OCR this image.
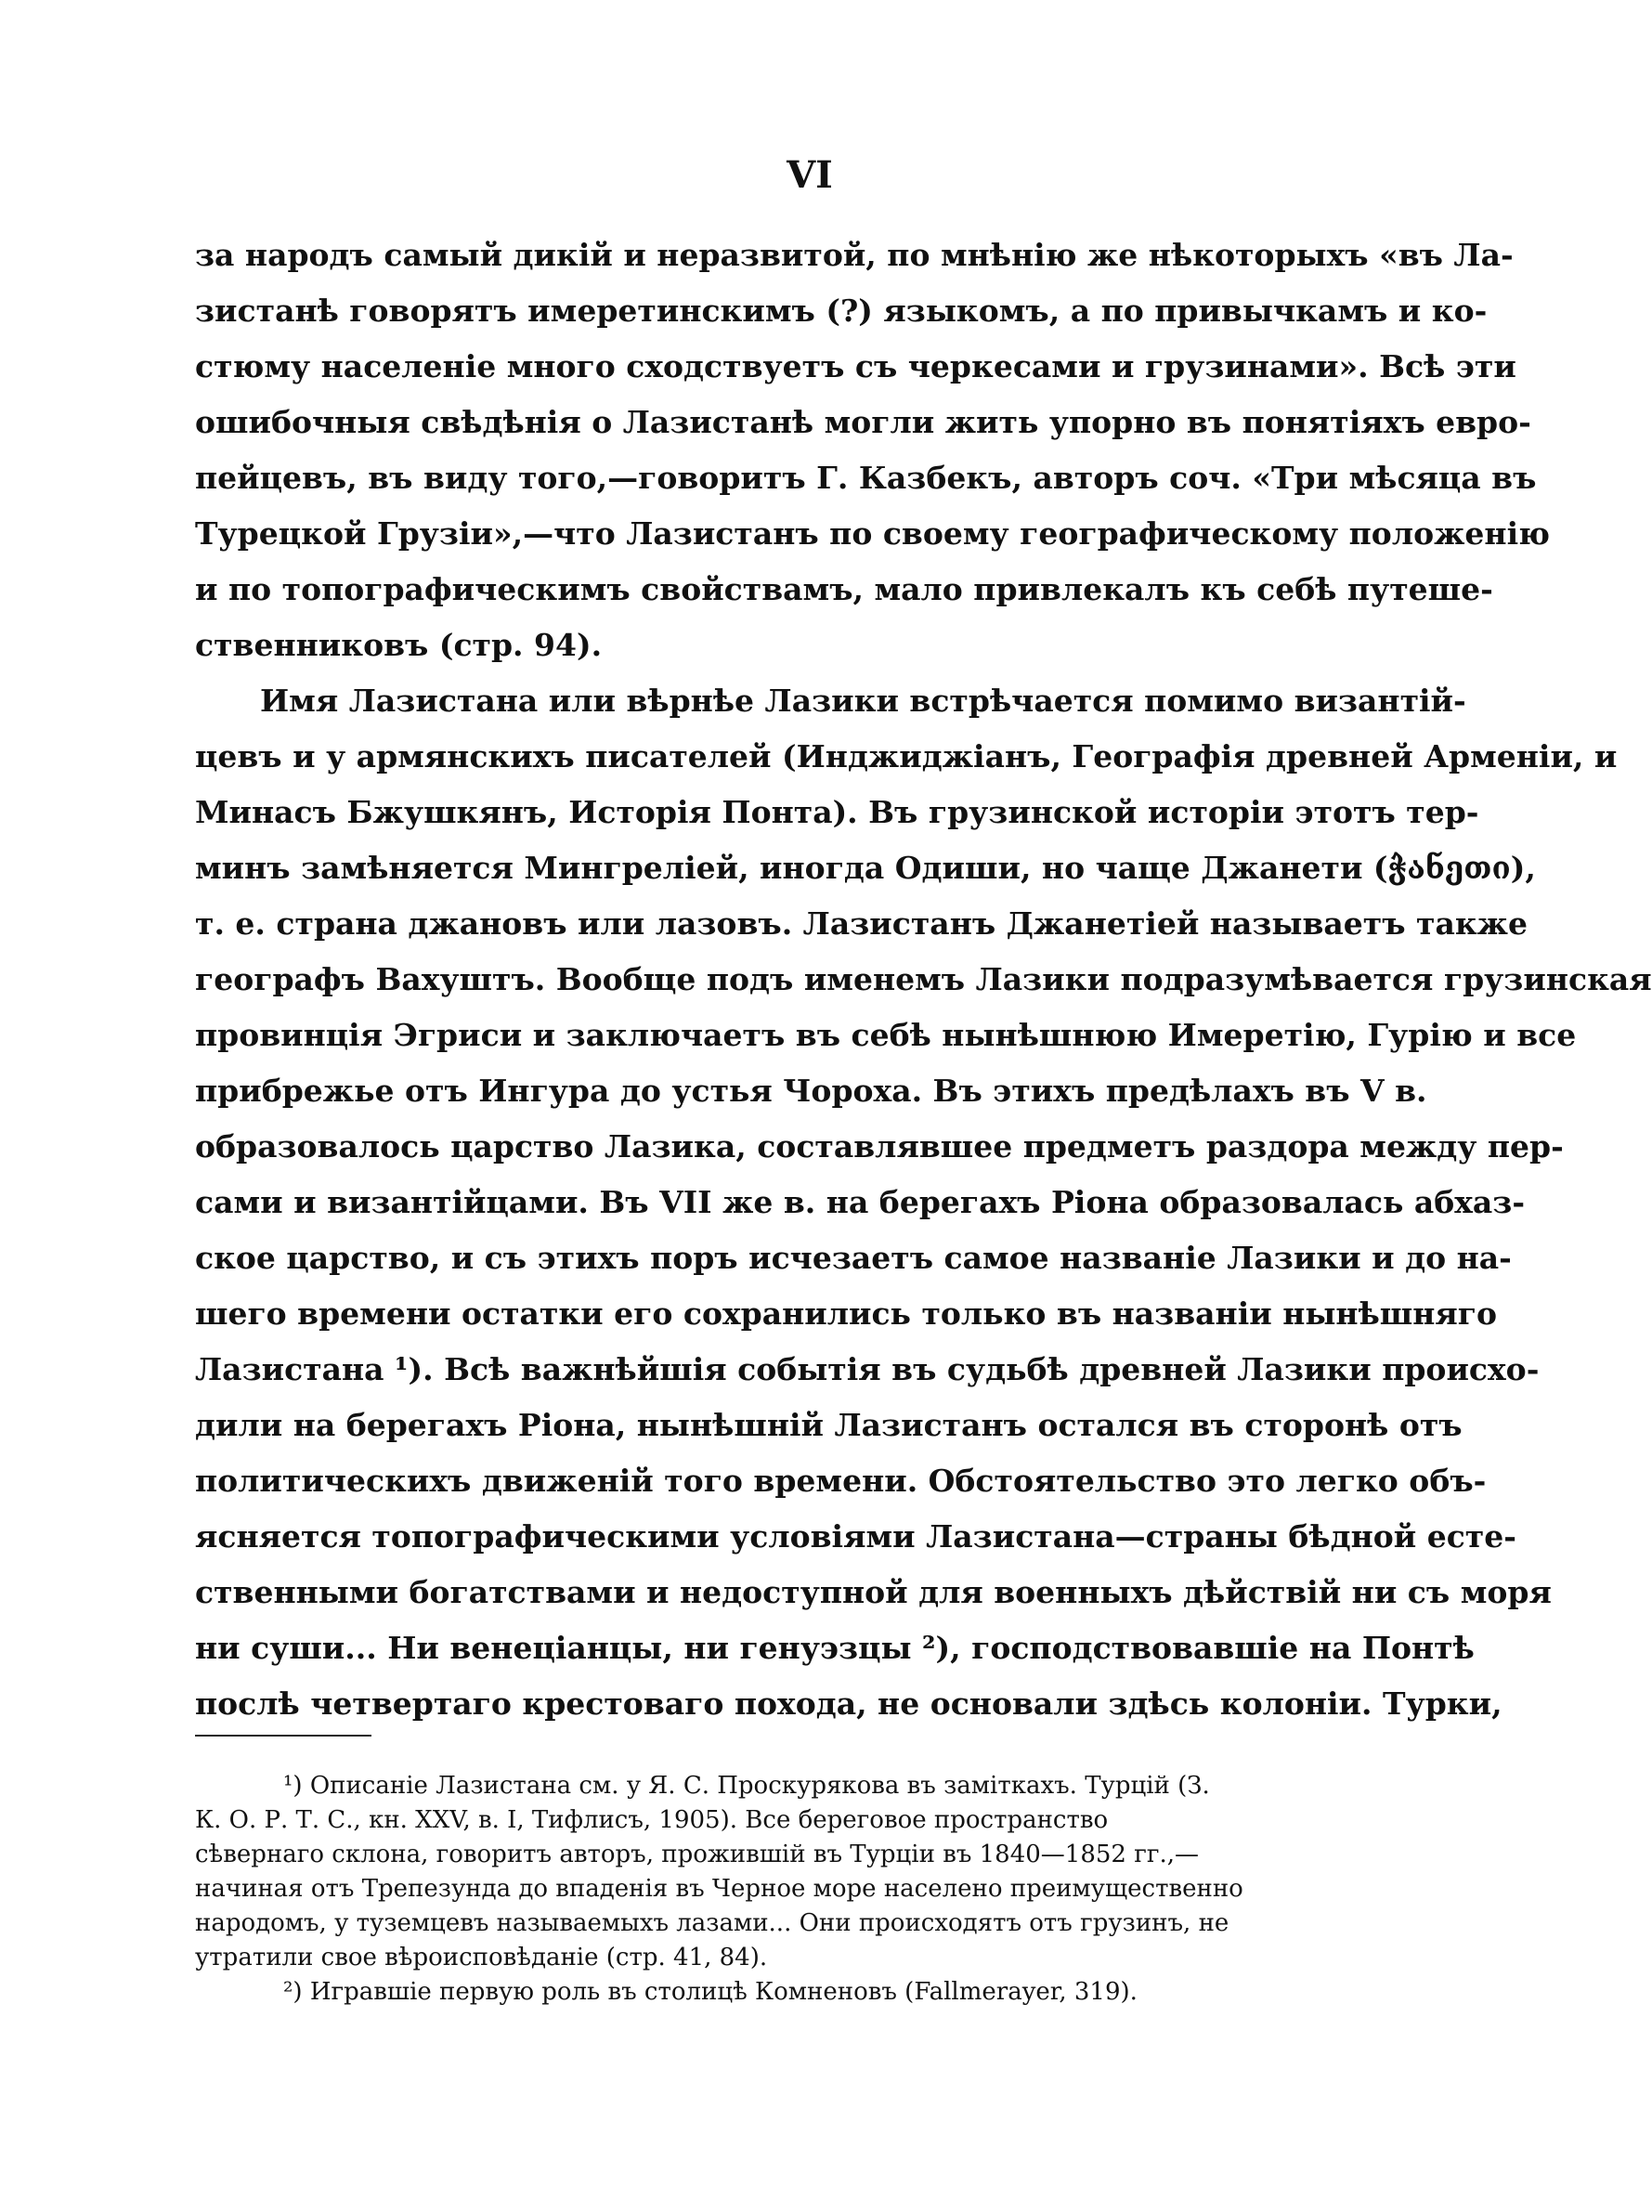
VI
за народъ самый дикій и неразвитой, по мнѣнію же нѣкоторыхъ «въ Ла-
зистанѣ говорятъ имеретинскимъ (?) языкомъ, а по привычкамъ и ко-
стюму населеніе много сходствуетъ съ черкесами и грузинами». Всѣ эти
ошибочныя свѣдѣнія о Лазистанѣ могли жить упорно въ понятіяхъ евро-
пейцевъ, въ виду того,—говоритъ Г. Казбекъ, авторъ соч. «Три мѣсяца въ
Турецкой Грузіи»,—что Лазистанъ по своему географическому положенію
и по топографическимъ свойствамъ, мало привлекалъ къ себѣ путеше-
ственниковъ (стр. 94).
Имя Лазистана или вѣрнѣе Лазики встрѣчается помимо византій-
цевъ и у армянскихъ писателей (Инджиджіанъ, Географія древней Арменіи, и
Минасъ Бжушкянъ, Исторія Понта). Въ грузинской исторіи этотъ тер-
минъ замѣняется Мингреліей, иногда Одиши, но чаще Джанети (ჭანეთი),
т. е. страна джановъ или лазовъ. Лазистанъ Джанетіей называетъ также
географъ Вахуштъ. Вообще подъ именемъ Лазики подразумѣвается грузинская
провинція Эгриси и заключаетъ въ себѣ нынѣшнюю Имеретію, Гурію и все
прибрежье отъ Ингура до устья Чороха. Въ этихъ предѣлахъ въ V в.
образовалось царство Лазика, составлявшее предметъ раздора между пер-
сами и византійцами. Въ VII же в. на берегахъ Ріона образовалась абхаз-
ское царство, и съ этихъ поръ исчезаетъ самое названіе Лазики и до на-
шего времени остатки его сохранились только въ названіи нынѣшняго
Лазистана ¹). Всѣ важнѣйшія событія въ судьбѣ древней Лазики происхо-
дили на берегахъ Ріона, нынѣшній Лазистанъ остался въ сторонѣ отъ
политическихъ движеній того времени. Обстоятельство это легко объ-
ясняется топографическими условіями Лазистана—страны бѣдной есте-
ственными богатствами и недоступной для военныхъ дѣйствій ни съ моря
ни суши... Ни венеціанцы, ни генуэзцы ²), господствовавшіе на Понтѣ
послѣ четвертаго крестоваго похода, не основали здѣсь колоніи. Турки,
¹) Описаніе Лазистана см. у Я. С. Проскурякова въ заміткахъ. Турцій (З.
К. О. Р. Т. С., кн. XXV, в. I, Тифлисъ, 1905). Все береговое пространство
сѣвернаго склона, говоритъ авторъ, прожившій въ Турціи въ 1840—1852 гг.,—
начиная отъ Трепезунда до впаденія въ Черное море населено преимущественно
народомъ, у туземцевъ называемыхъ лазами... Они происходятъ отъ грузинъ, не
утратили свое вѣроисповѣданіе (стр. 41, 84).
²) Игравшіе первую роль въ столицѣ Комненовъ (Fallmerayer, 319).
